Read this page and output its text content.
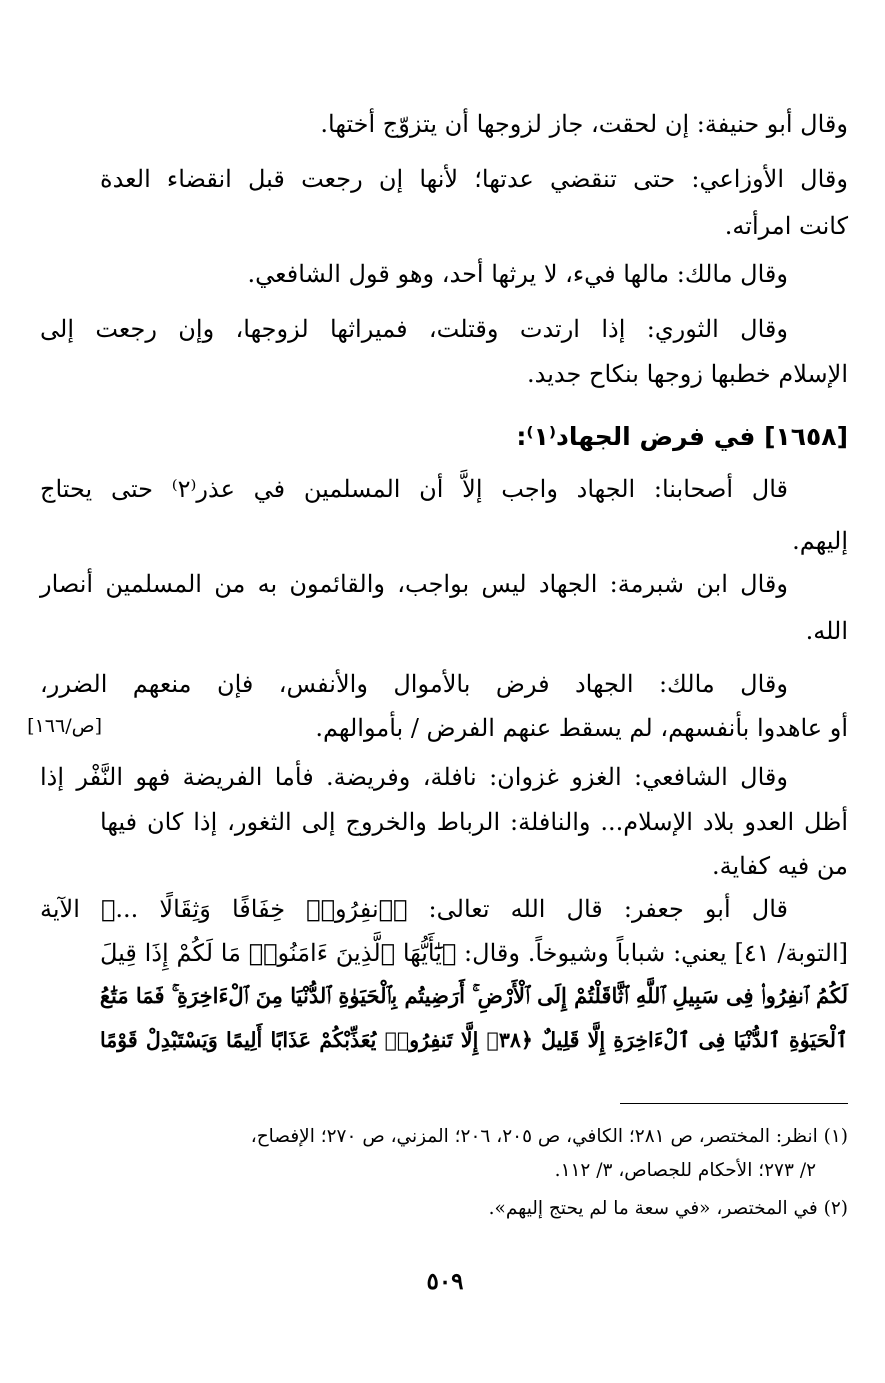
وقال أبو حنيفة: إن لحقت، جاز لزوجها أن يتزوّج أختها.
وقال الأوزاعي: حتى تنقضي عدتها؛ لأنها إن رجعت قبل انقضاء العدة
كانت امرأته.
وقال مالك: مالها فيء، لا يرثها أحد، وهو قول الشافعي.
وقال الثوري: إذا ارتدت وقتلت، فميراثها لزوجها، وإن رجعت إلى
الإسلام خطبها زوجها بنكاح جديد.
[١٦٥٨] في فرض الجهاد⁽١⁾:
قال أصحابنا: الجهاد واجب إلاَّ أن المسلمين في عذر⁽٢⁾ حتى يحتاج
إليهم.
وقال ابن شبرمة: الجهاد ليس بواجب، والقائمون به من المسلمين أنصار
الله.
وقال مالك: الجهاد فرض بالأموال والأنفس، فإن منعهم الضرر،
أو عاهدوا بأنفسهم، لم يسقط عنهم الفرض / بأموالهم.
[ص/١٦٦]
وقال الشافعي: الغزو غزوان: نافلة، وفريضة. فأما الفريضة فهو النَّفْر إذا
أظل العدو بلاد الإسلام... والنافلة: الرباط والخروج إلى الثغور، إذا كان فيها
من فيه كفاية.
قال أبو جعفر: قال الله تعالى: ﴿ٱنفِرُوا۟ خِفَافًا وَثِقَالًا ...﴾ الآية
[التوبة/ ٤١] يعني: شباباً وشيوخاً. وقال: ﴿يَٰٓأَيُّهَا ٱلَّذِينَ ءَامَنُوا۟ مَا لَكُمْ إِذَا قِيلَ
لَكُمُ ٱنفِرُوا۟ فِى سَبِيلِ ٱللَّهِ ٱثَّاقَلْتُمْ إِلَى ٱلْأَرْضِ ۚ أَرَضِيتُم بِٱلْحَيَوٰةِ ٱلدُّنْيَا مِنَ ٱلْءَاخِرَةِ ۚ فَمَا مَتَٰعُ
ٱلْحَيَوٰةِ ٱلدُّنْيَا فِى ٱلْءَاخِرَةِ إِلَّا قَلِيلٌ ﴿٣٨﴾ إِلَّا تَنفِرُوا۟ يُعَذِّبْكُمْ عَذَابًا أَلِيمًا وَيَسْتَبْدِلْ قَوْمًا
(١) انظر: المختصر، ص ٢٨١؛ الكافي، ص ٢٠٥، ٢٠٦؛ المزني، ص ٢٧٠؛ الإفصاح،
٢/ ٢٧٣؛ الأحكام للجصاص، ٣/ ١١٢.
(٢) في المختصر، «في سعة ما لم يحتج إليهم».
٥٠٩
